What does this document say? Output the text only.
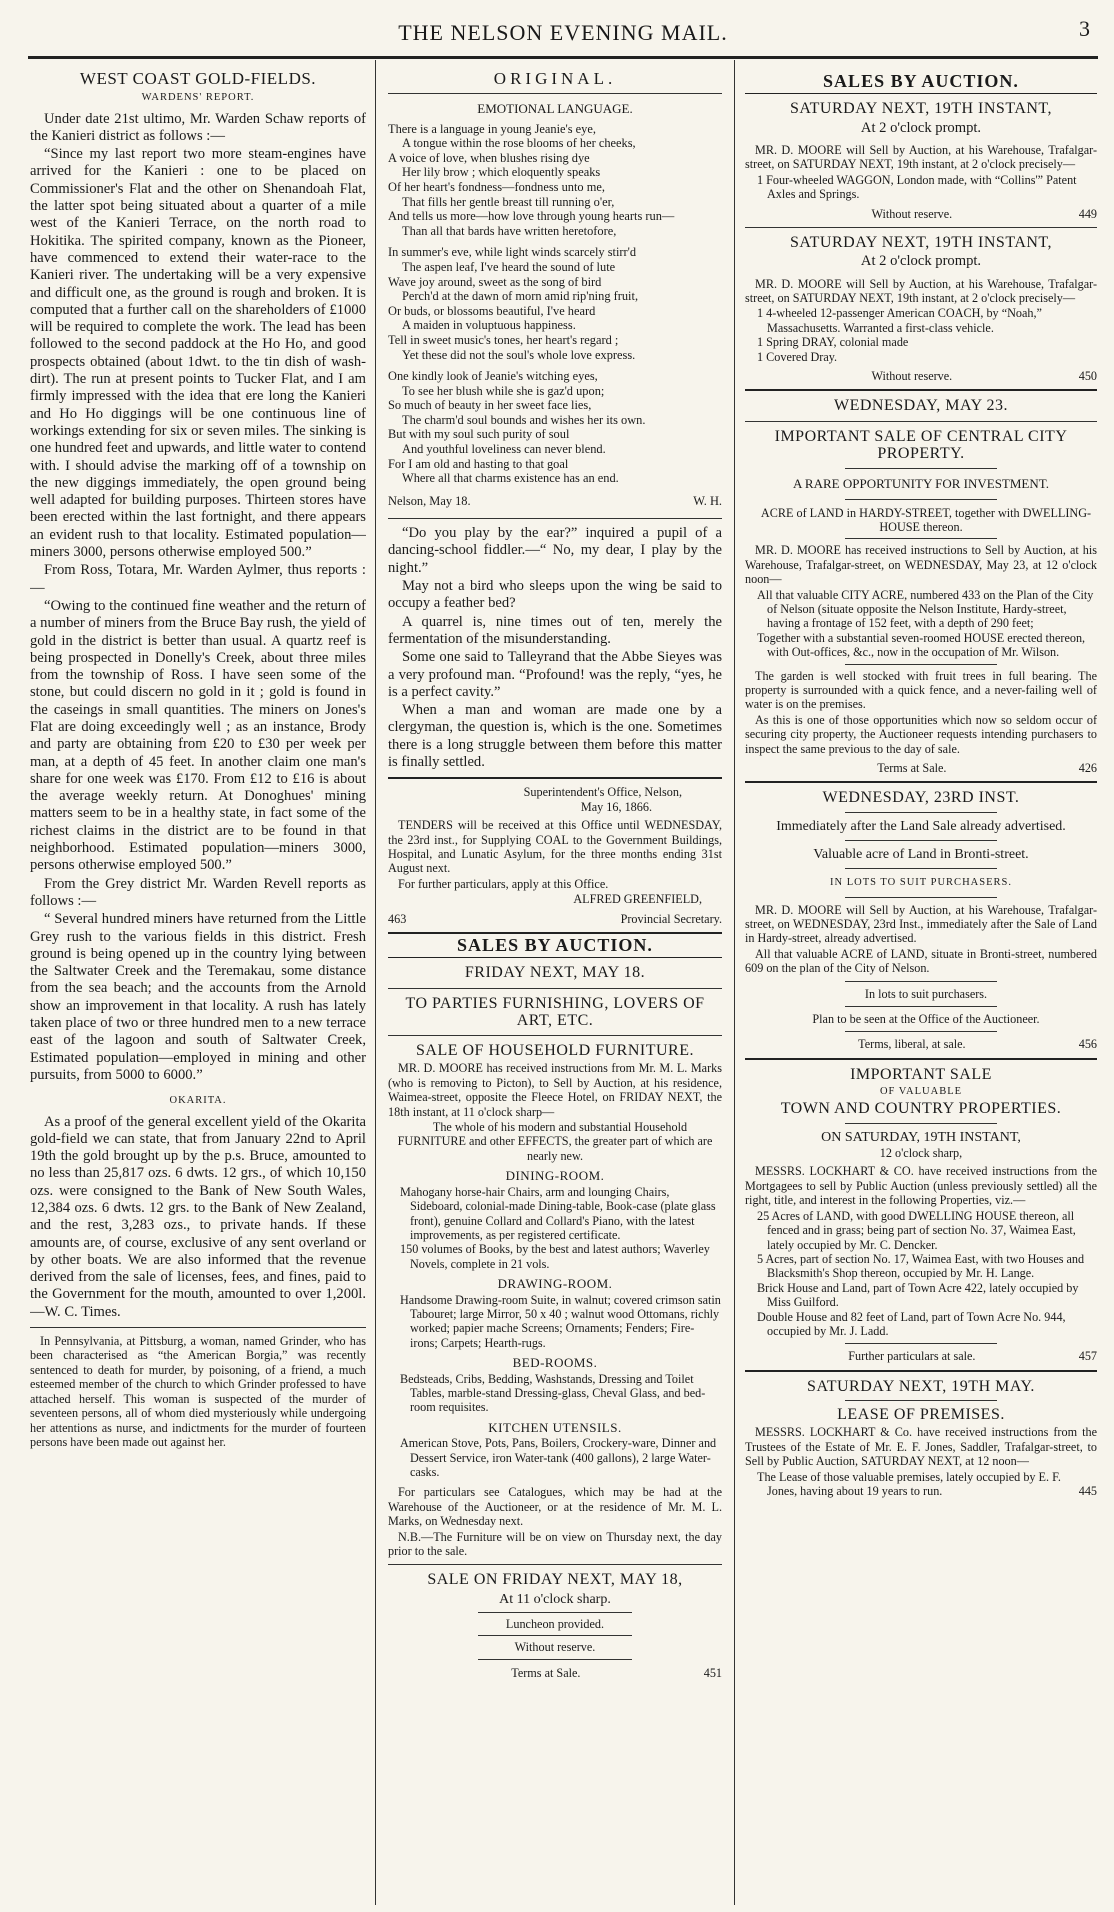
THE NELSON EVENING MAIL.	3
WEST COAST GOLD-FIELDS.
WARDENS' REPORT.

Under date 21st ultimo, Mr. Warden Schaw reports of the Kanieri district as follows :—

“Since my last report two more steam-engines have arrived for the Kanieri : one to be placed on Commissioner's Flat and the other on Shenandoah Flat, the latter spot being situated about a quarter of a mile west of the Kanieri Terrace, on the north road to Hokitika. The spirited company, known as the Pioneer, have commenced to extend their water-race to the Kanieri river. The undertaking will be a very expensive and difficult one, as the ground is rough and broken. It is computed that a further call on the shareholders of £1000 will be required to complete the work. The lead has been followed to the second paddock at the Ho Ho, and good prospects obtained (about 1dwt. to the tin dish of wash-dirt). The run at present points to Tucker Flat, and I am firmly impressed with the idea that ere long the Kanieri and Ho Ho diggings will be one continuous line of workings extending for six or seven miles. The sinking is one hundred feet and upwards, and little water to contend with. I should advise the marking off of a township on the new diggings immediately, the open ground being well adapted for building purposes. Thirteen stores have been erected within the last fortnight, and there appears an evident rush to that locality. Estimated population—miners 3000, persons otherwise employed 500.”

From Ross, Totara, Mr. Warden Aylmer, thus reports :—

“Owing to the continued fine weather and the return of a number of miners from the Bruce Bay rush, the yield of gold in the district is better than usual. A quartz reef is being prospected in Donelly's Creek, about three miles from the township of Ross. I have seen some of the stone, but could discern no gold in it ; gold is found in the caseings in small quantities. The miners on Jones's Flat are doing exceedingly well ; as an instance, Brody and party are obtaining from £20 to £30 per week per man, at a depth of 45 feet. In another claim one man's share for one week was £170. From £12 to £16 is about the average weekly return. At Donoghues' mining matters seem to be in a healthy state, in fact some of the richest claims in the district are to be found in that neighborhood. Estimated population—miners 3000, persons otherwise employed 500.”

From the Grey district Mr. Warden Revell reports as follows :—

“ Several hundred miners have returned from the Little Grey rush to the various fields in this district. Fresh ground is being opened up in the country lying between the Saltwater Creek and the Teremakau, some distance from the sea beach; and the accounts from the Arnold show an improvement in that locality. A rush has lately taken place of two or three hundred men to a new terrace east of the lagoon and south of Saltwater Creek, Estimated population—employed in mining and other pursuits, from 5000 to 6000.”

OKARITA.

As a proof of the general excellent yield of the Okarita gold-field we can state, that from January 22nd to April 19th the gold brought up by the p.s. Bruce, amounted to no less than 25,817 ozs. 6 dwts. 12 grs., of which 10,150 ozs. were consigned to the Bank of New South Wales, 12,384 ozs. 6 dwts. 12 grs. to the Bank of New Zealand, and the rest, 3,283 ozs., to private hands. If these amounts are, of course, exclusive of any sent overland or by other boats. We are also informed that the revenue derived from the sale of licenses, fees, and fines, paid to the Government for the mouth, amounted to over 1,200l.—W. C. Times.

In Pennsylvania, at Pittsburg, a woman, named Grinder, who has been characterised as “the American Borgia,” was recently sentenced to death for murder, by poisoning, of a friend, a much esteemed member of the church to which Grinder professed to have attached herself. This woman is suspected of the murder of seventeen persons, all of whom died mysteriously while undergoing her attentions as nurse, and indictments for the murder of fourteen persons have been made out against her.

ORIGINAL.
EMOTIONAL LANGUAGE.
There is a language in young Jeanie's eye,
A tongue within the rose blooms of her cheeks,
A voice of love, when blushes rising dye
Her lily brow ; which eloquently speaks
Of her heart's fondness—fondness unto me,
That fills her gentle breast till running o'er,
And tells us more—how love through young hearts run—
Than all that bards have written heretofore,
In summer's eve, while light winds scarcely stirr'd
The aspen leaf, I've heard the sound of lute
Wave joy around, sweet as the song of bird
Perch'd at the dawn of morn amid rip'ning fruit,
Or buds, or blossoms beautiful, I've heard
A maiden in voluptuous happiness.
Tell in sweet music's tones, her heart's regard ;
Yet these did not the soul's whole love express.
One kindly look of Jeanie's witching eyes,
To see her blush while she is gaz'd upon;
So much of beauty in her sweet face lies,
The charm'd soul bounds and wishes her its own.
But with my soul such purity of soul
And youthful loveliness can never blend.
For I am old and hasting to that goal
Where all that charms existence has an end.
Nelson, May 18.	W. H.

“Do you play by the ear?” inquired a pupil of a dancing-school fiddler.—“ No, my dear, I play by the night.”

May not a bird who sleeps upon the wing be said to occupy a feather bed?

A quarrel is, nine times out of ten, merely the fermentation of the misunderstanding.

Some one said to Talleyrand that the Abbe Sieyes was a very profound man. “Profound! was the reply, “yes, he is a perfect cavity.”

When a man and woman are made one by a clergyman, the question is, which is the one. Sometimes there is a long struggle between them before this matter is finally settled.

Superintendent's Office, Nelson,
May 16, 1866.

TENDERS will be received at this Office until WEDNESDAY, the 23rd inst., for Supplying COAL to the Government Buildings, Hospital, and Lunatic Asylum, for the three months ending 31st August next.

For further particulars, apply at this Office.

ALFRED GREENFIELD,
463	Provincial Secretary.
SALES BY AUCTION.
FRIDAY NEXT, MAY 18.
TO PARTIES FURNISHING, LOVERS OF ART, ETC.
SALE OF HOUSEHOLD FURNITURE.

MR. D. MOORE has received instructions from Mr. M. L. Marks (who is removing to Picton), to Sell by Auction, at his residence, Waimea-street, opposite the Fleece Hotel, on FRIDAY NEXT, the 18th instant, at 11 o'clock sharp—

The whole of his modern and substantial Household FURNITURE and other EFFECTS, the greater part of which are nearly new.

DINING-ROOM.
Mahogany horse-hair Chairs, arm and lounging Chairs, Sideboard, colonial-made Dining-table, Book-case (plate glass front), genuine Collard and Collard's Piano, with the latest improvements, as per registered certificate.
150 volumes of Books, by the best and latest authors; Waverley Novels, complete in 21 vols.
DRAWING-ROOM.
Handsome Drawing-room Suite, in walnut; covered crimson satin Tabouret; large Mirror, 50 x 40 ; walnut wood Ottomans, richly worked; papier mache Screens; Ornaments; Fenders; Fire-irons; Carpets; Hearth-rugs.
BED-ROOMS.
Bedsteads, Cribs, Bedding, Washstands, Dressing and Toilet Tables, marble-stand Dressing-glass, Cheval Glass, and bed-room requisites.
KITCHEN UTENSILS.
American Stove, Pots, Pans, Boilers, Crockery-ware, Dinner and Dessert Service, iron Water-tank (400 gallons), 2 large Water-casks.

For particulars see Catalogues, which may be had at the Warehouse of the Auctioneer, or at the residence of Mr. M. L. Marks, on Wednesday next.

N.B.—The Furniture will be on view on Thursday next, the day prior to the sale.

SALE ON FRIDAY NEXT, MAY 18,
At 11 o'clock sharp.
Luncheon provided.
Without reserve.
Terms at Sale.	451
SALES BY AUCTION.
SATURDAY NEXT, 19TH INSTANT,
At 2 o'clock prompt.

MR. D. MOORE will Sell by Auction, at his Warehouse, Trafalgar-street, on SATURDAY NEXT, 19th instant, at 2 o'clock precisely—

1 Four-wheeled WAGGON, London made, with “Collins'” Patent Axles and Springs.
Without reserve.	449
SATURDAY NEXT, 19TH INSTANT,
At 2 o'clock prompt.

MR. D. MOORE will Sell by Auction, at his Warehouse, Trafalgar-street, on SATURDAY NEXT, 19th instant, at 2 o'clock precisely—

1 4-wheeled 12-passenger American COACH, by “Noah,” Massachusetts. Warranted a first-class vehicle.
1 Spring DRAY, colonial made
1 Covered Dray.
Without reserve.	450
WEDNESDAY, MAY 23.
IMPORTANT SALE OF CENTRAL CITY PROPERTY.
A RARE OPPORTUNITY FOR INVESTMENT.

ACRE of LAND in HARDY-STREET, together with DWELLING-HOUSE thereon.

MR. D. MOORE has received instructions to Sell by Auction, at his Warehouse, Trafalgar-street, on WEDNESDAY, May 23, at 12 o'clock noon—

All that valuable CITY ACRE, numbered 433 on the Plan of the City of Nelson (situate opposite the Nelson Institute, Hardy-street, having a frontage of 152 feet, with a depth of 290 feet;
Together with a substantial seven-roomed HOUSE erected thereon, with Out-offices, &c., now in the occupation of Mr. Wilson.

The garden is well stocked with fruit trees in full bearing. The property is surrounded with a quick fence, and a never-failing well of water is on the premises.

As this is one of those opportunities which now so seldom occur of securing city property, the Auctioneer requests intending purchasers to inspect the same previous to the day of sale.

Terms at Sale.	426
WEDNESDAY, 23RD INST.
Immediately after the Land Sale already advertised.
Valuable acre of Land in Bronti-street.
IN LOTS TO SUIT PURCHASERS.

MR. D. MOORE will Sell by Auction, at his Warehouse, Trafalgar-street, on WEDNESDAY, 23rd Inst., immediately after the Sale of Land in Hardy-street, already advertised.

All that valuable ACRE of LAND, situate in Bronti-street, numbered 609 on the plan of the City of Nelson.

In lots to suit purchasers.

Plan to be seen at the Office of the Auctioneer.

Terms, liberal, at sale.	456
IMPORTANT SALE
OF VALUABLE
TOWN AND COUNTRY PROPERTIES.
ON SATURDAY, 19TH INSTANT,
12 o'clock sharp,

MESSRS. LOCKHART & CO. have received instructions from the Mortgagees to sell by Public Auction (unless previously settled) all the right, title, and interest in the following Properties, viz.—

25 Acres of LAND, with good DWELLING HOUSE thereon, all fenced and in grass; being part of section No. 37, Waimea East, lately occupied by Mr. C. Dencker.
5 Acres, part of section No. 17, Waimea East, with two Houses and Blacksmith's Shop thereon, occupied by Mr. H. Lange.
Brick House and Land, part of Town Acre 422, lately occupied by Miss Guilford.
Double House and 82 feet of Land, part of Town Acre No. 944, occupied by Mr. J. Ladd.
Further particulars at sale.	457
SATURDAY NEXT, 19TH MAY.
LEASE OF PREMISES.

MESSRS. LOCKHART & Co. have received instructions from the Trustees of the Estate of Mr. E. F. Jones, Saddler, Trafalgar-street, to Sell by Public Auction, SATURDAY NEXT, at 12 noon—

The Lease of those valuable premises, lately occupied by E. F. Jones, having about 19 years to run.	445
